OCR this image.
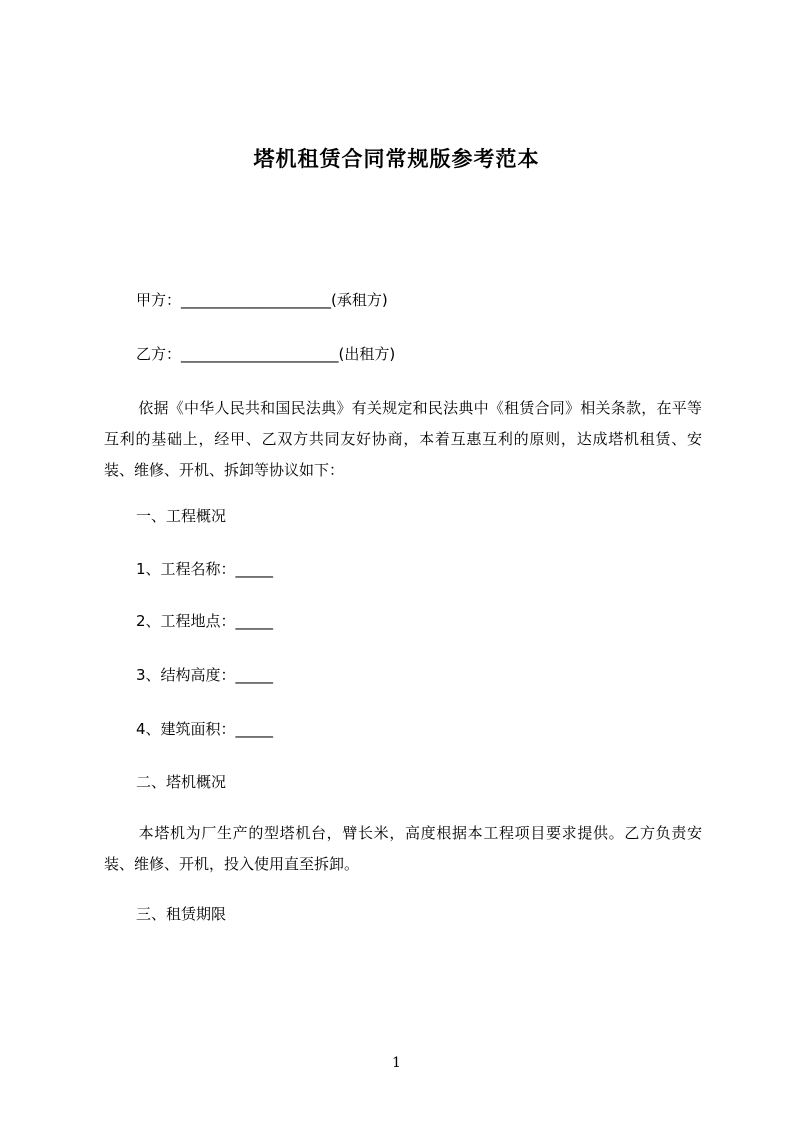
塔机租赁合同常规版参考范本

甲方：____________________(承租方)

乙方：_____________________(出租方)

依据《中华人民共和国民法典》有关规定和民法典中《租赁合同》相关条款，在平等互利的基础上，经甲、乙双方共同友好协商，本着互惠互利的原则，达成塔机租赁、安装、维修、开机、拆卸等协议如下：

一、工程概况

1、工程名称：_____

2、工程地点：_____

3、结构高度：_____

4、建筑面积：_____

二、塔机概况

本塔机为厂生产的型塔机台，臂长米，高度根据本工程项目要求提供。乙方负责安装、维修、开机，投入使用直至拆卸。

三、租赁期限

1
